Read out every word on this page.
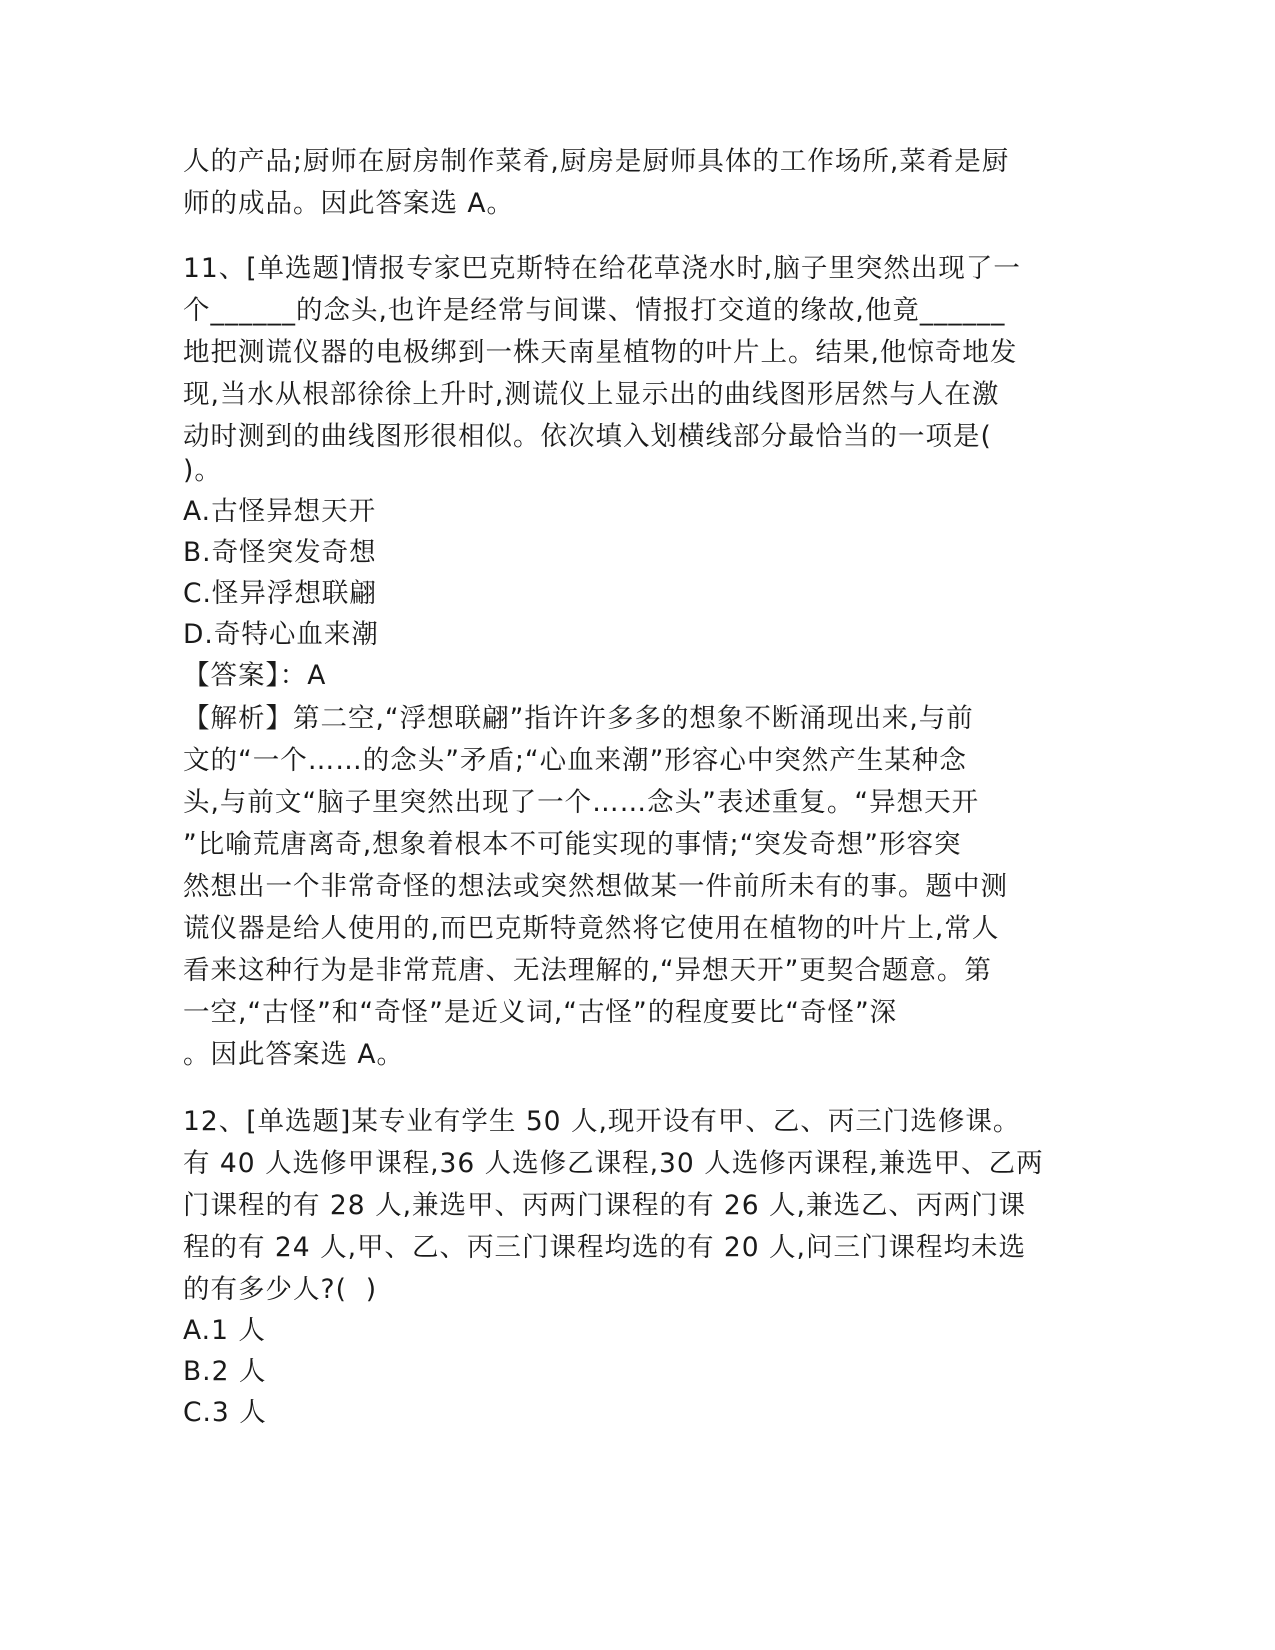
人的产品;厨师在厨房制作菜肴,厨房是厨师具体的工作场所,菜肴是厨
师的成品。因此答案选 A。
11、[单选题]情报专家巴克斯特在给花草浇水时,脑子里突然出现了一
个______的念头,也许是经常与间谍、情报打交道的缘故,他竟______
地把测谎仪器的电极绑到一株天南星植物的叶片上。结果,他惊奇地发
现,当水从根部徐徐上升时,测谎仪上显示出的曲线图形居然与人在激
动时测到的曲线图形很相似。依次填入划横线部分最恰当的一项是(
)。
A.古怪异想天开
B.奇怪突发奇想
C.怪异浮想联翩
D.奇特心血来潮
【答案】：A
【解析】第二空,“浮想联翩”指许许多多的想象不断涌现出来,与前
文的“一个……的念头”矛盾;“心血来潮”形容心中突然产生某种念
头,与前文“脑子里突然出现了一个……念头”表述重复。“异想天开
”比喻荒唐离奇,想象着根本不可能实现的事情;“突发奇想”形容突
然想出一个非常奇怪的想法或突然想做某一件前所未有的事。题中测
谎仪器是给人使用的,而巴克斯特竟然将它使用在植物的叶片上,常人
看来这种行为是非常荒唐、无法理解的,“异想天开”更契合题意。第
一空,“古怪”和“奇怪”是近义词,“古怪”的程度要比“奇怪”深
。因此答案选 A。
12、[单选题]某专业有学生 50 人,现开设有甲、乙、丙三门选修课。
有 40 人选修甲课程,36 人选修乙课程,30 人选修丙课程,兼选甲、乙两
门课程的有 28 人,兼选甲、丙两门课程的有 26 人,兼选乙、丙两门课
程的有 24 人,甲、乙、丙三门课程均选的有 20 人,问三门课程均未选
的有多少人?(  )
A.1 人
B.2 人
C.3 人
